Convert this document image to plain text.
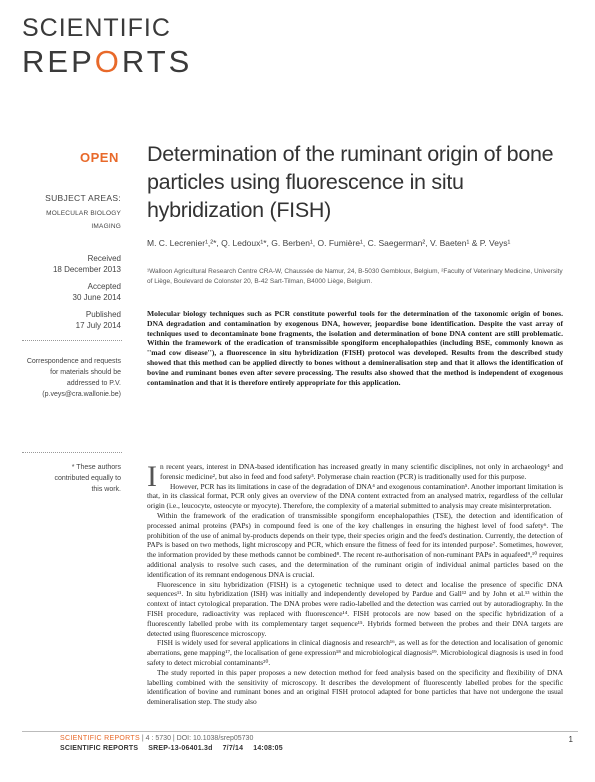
SCIENTIFIC
REPORTS
OPEN Determination of the ruminant origin of bone particles using fluorescence in situ hybridization (FISH)
SUBJECT AREAS:
MOLECULAR BIOLOGY
IMAGING
Received
18 December 2013
Accepted
30 June 2014
Published
17 July 2014
Correspondence and requests for materials should be addressed to P.V. (p.veys@cra.wallonie.be)
* These authors contributed equally to this work.
M. C. Lecrenier¹,²*, Q. Ledoux¹*, G. Berben¹, O. Fumière¹, C. Saegerman², V. Baeten¹ & P. Veys¹
¹Walloon Agricultural Research Centre CRA-W, Chaussée de Namur, 24, B-5030 Gembloux, Belgium, ²Faculty of Veterinary Medicine, University of Liège, Boulevard de Colonster 20, B-42 Sart-Tilman, B4000 Liège, Belgium.
Molecular biology techniques such as PCR constitute powerful tools for the determination of the taxonomic origin of bones. DNA degradation and contamination by exogenous DNA, however, jeopardise bone identification. Despite the vast array of techniques used to decontaminate bone fragments, the isolation and determination of bone DNA content are still problematic. Within the framework of the eradication of transmissible spongiform encephalopathies (including BSE, commonly known as ''mad cow disease''), a fluorescence in situ hybridization (FISH) protocol was developed. Results from the described study showed that this method can be applied directly to bones without a demineralisation step and that it allows the identification of bovine and ruminant bones even after severe processing. The results also showed that the method is independent of exogenous contamination and that it is therefore entirely appropriate for this application.

In recent years, interest in DNA-based identification has increased greatly in many scientific disciplines, not only in archaeology¹ and forensic medicine², but also in feed and food safety³. Polymerase chain reaction (PCR) is traditionally used for this purpose.

However, PCR has its limitations in case of the degradation of DNA⁴ and exogenous contamination⁵. Another important limitation is that, in its classical format, PCR only gives an overview of the DNA content extracted from an analysed matrix, regardless of the cellular origin (i.e., leucocyte, osteocyte or myocyte). Therefore, the complexity of a material submitted to analysis may create misinterpretation.

Within the framework of the eradication of transmissible spongiform encephalopathies (TSE), the detection and identification of processed animal proteins (PAPs) in compound feed is one of the key challenges in ensuring the highest level of food safety⁶. The prohibition of the use of animal by-products depends on their type, their species origin and the feed's destination. Currently, the detection of PAPs is based on two methods, light microscopy and PCR, which ensure the fitness of feed for its intended purpose⁷. Sometimes, however, the information provided by these methods cannot be combined⁸. The recent re-authorisation of non-ruminant PAPs in aquafeed⁹,¹⁰ requires additional analysis to resolve such cases, and the determination of the ruminant origin of individual animal particles based on the identification of its remnant endogenous DNA is crucial.

Fluorescence in situ hybridization (FISH) is a cytogenetic technique used to detect and localise the presence of specific DNA sequences¹¹. In situ hybridization (ISH) was initially and independently developed by Pardue and Gall¹² and by John et al.¹³ within the context of intact cytological preparation. The DNA probes were radio-labelled and the detection was carried out by autoradiography. In the FISH procedure, radioactivity was replaced with fluorescence¹⁴. FISH protocols are now based on the specific hybridization of a fluorescently labelled probe with its complementary target sequence¹⁵. Hybrids formed between the probes and their DNA targets are detected using fluorescence microscopy.

FISH is widely used for several applications in clinical diagnosis and research¹⁶, as well as for the detection and localisation of genomic aberrations, gene mapping¹⁷, the localisation of gene expression¹⁸ and microbiological diagnosis¹⁹. Microbiological diagnosis is used in food safety to detect microbial contaminants²⁰.

The study reported in this paper proposes a new detection method for feed analysis based on the specificity and flexibility of DNA labelling combined with the sensitivity of microscopy. It describes the development of fluorescently labelled probes for the specific identification of bovine and ruminant bones and an original FISH protocol adapted for bone particles that have not undergone the usual demineralisation step. The study also

SCIENTIFIC REPORTS | 4 : 5730 | DOI: 10.1038/srep05730	1
SCIENTIFIC REPORTS SREP-13-06401.3d 7/7/14 14:08:05
